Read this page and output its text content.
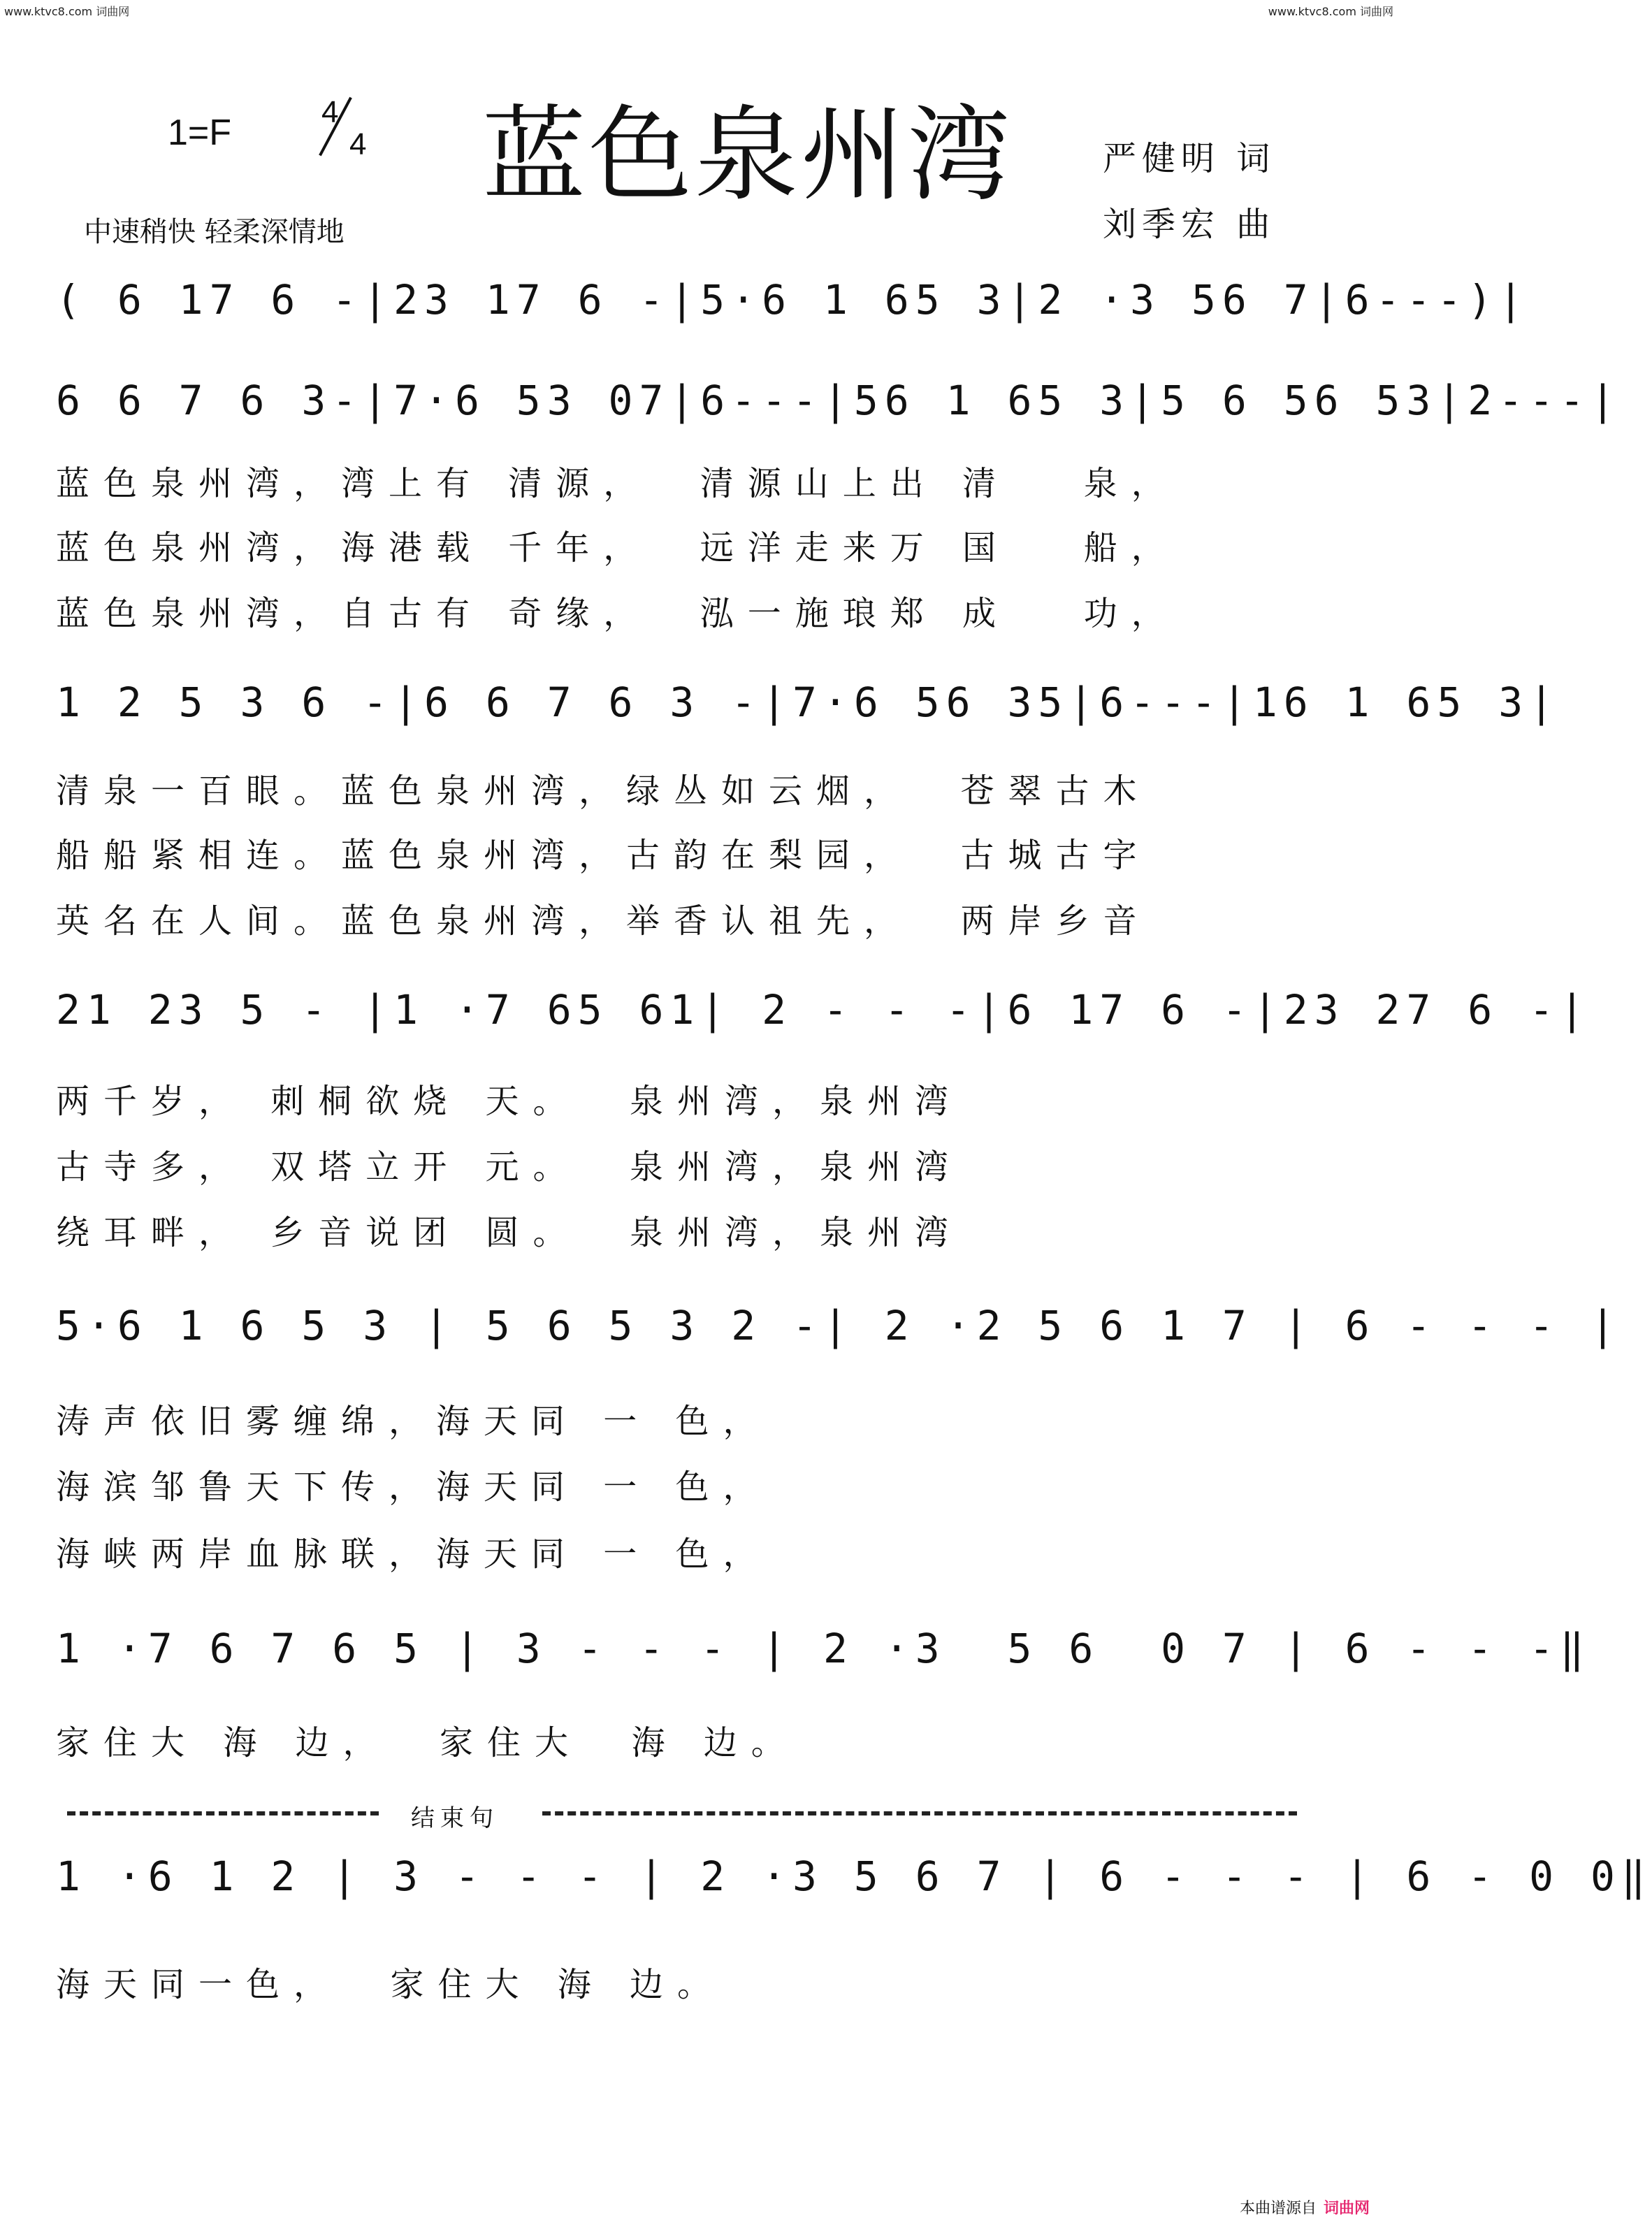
www.ktvc8.com 词曲网	www.ktvc8.com 词曲网
1=F
4
4 蓝色泉州湾	严健明 词
刘季宏 曲
中速稍快 轻柔深情地
( 6 17 6 -|23 17 6 -|5·6 1 65 3|2 ·3 56 7|6---)|
6 6 7 6 3-|7·6 53 07|6---|56 1 65 3|5 6 56 53|2---|
蓝色泉州湾，湾上有 清源，  清源山上出 清   泉，
蓝色泉州湾，海港载 千年，  远洋走来万 国   船，
蓝色泉州湾，自古有 奇缘，  泓一施琅郑 成   功，
1 2 5 3 6 -|6 6 7 6 3 -|7·6 56 35|6---|16 1 65 3|
清泉一百眼。蓝色泉州湾，绿丛如云烟，  苍翠古木
船船紧相连。蓝色泉州湾，古韵在梨园，  古城古字
英名在人间。蓝色泉州湾，举香认祖先，  两岸乡音
21 23 5 - |1 ·7 65 61| 2 - - -|6 17 6 -|23 27 6 -|
两千岁， 刺桐欲烧 天。  泉州湾，泉州湾
古寺多， 双塔立开 元。  泉州湾，泉州湾
绕耳畔， 乡音说团 圆。  泉州湾，泉州湾
5·6 1 6 5 3 | 5 6 5 3 2 -| 2 ·2 5 6 1 7 | 6 - - - |
涛声依旧雾缠绵，海天同 一 色，
海滨邹鲁天下传，海天同 一 色，
海峡两岸血脉联，海天同 一 色，
1 ·7 6 7 6 5 | 3 - - - | 2 ·3  5 6  0 7 | 6 - - -‖
家住大 海 边，  家住大  海 边。
结束句
1 ·6 1 2 | 3 - - - | 2 ·3 5 6 7 | 6 - - - | 6 - 0 0‖
海天同一色，  家住大 海 边。
本曲谱源自 词曲网
